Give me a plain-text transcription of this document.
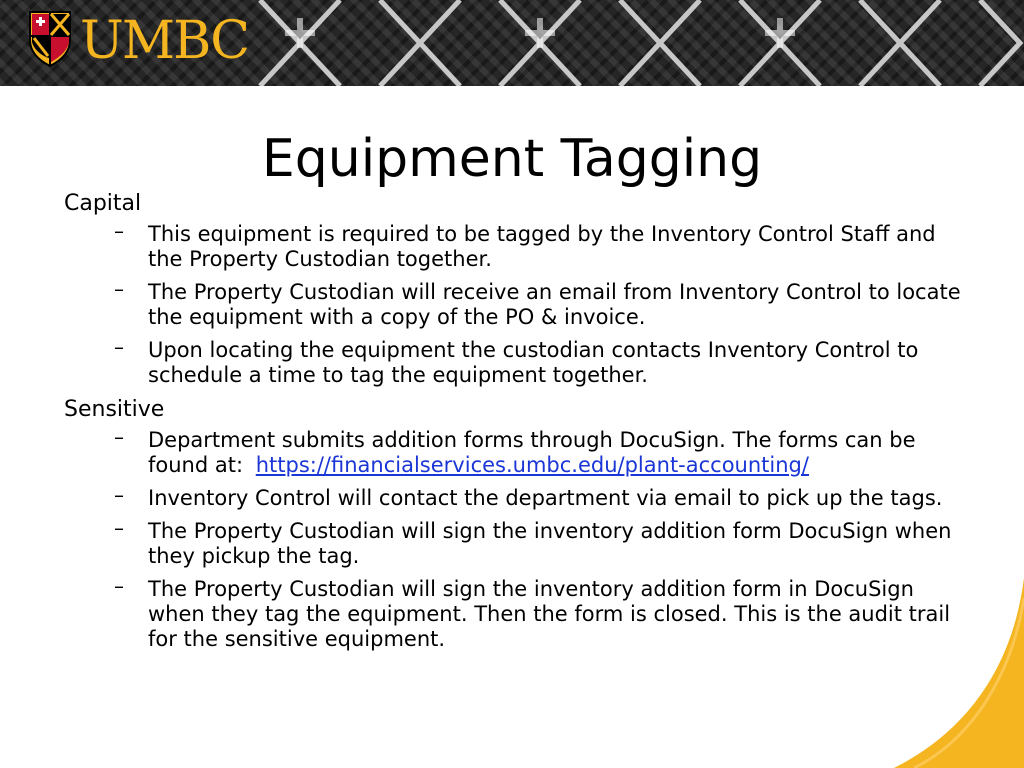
UMBC
Equipment Tagging
Capital
– This equipment is required to be tagged by the Inventory Control Staff and the Property Custodian together.
– The Property Custodian will receive an email from Inventory Control to locate the equipment with a copy of the PO & invoice.
– Upon locating the equipment the custodian contacts Inventory Control to schedule a time to tag the equipment together.
Sensitive
– Department submits addition forms through DocuSign. The forms can be found at: https://financialservices.umbc.edu/plant-accounting/
– Inventory Control will contact the department via email to pick up the tags.
– The Property Custodian will sign the inventory addition form DocuSign when they pickup the tag.
– The Property Custodian will sign the inventory addition form in DocuSign when they tag the equipment. Then the form is closed. This is the audit trail for the sensitive equipment.
